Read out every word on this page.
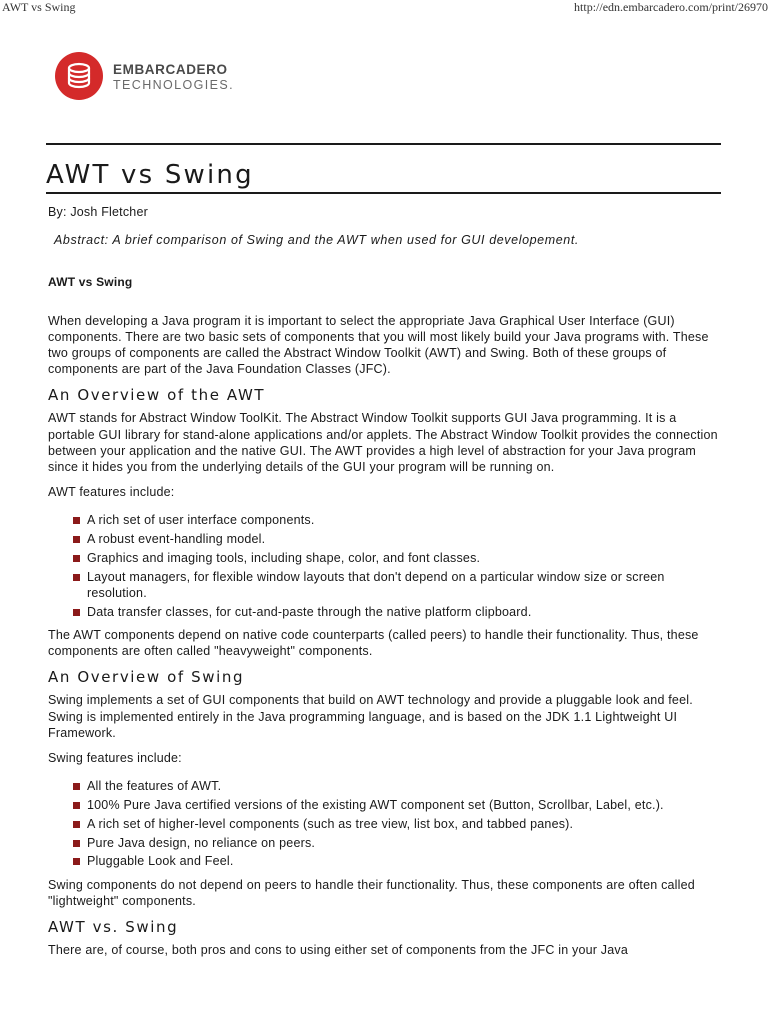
AWT vs Swing	http://edn.embarcadero.com/print/26970
EMBARCADERO
TECHNOLOGIES.
AWT vs Swing

By: Josh Fletcher

Abstract: A brief comparison of Swing and the AWT when used for GUI developement.

AWT vs Swing

When developing a Java program it is important to select the appropriate Java Graphical User Interface (GUI) components. There are two basic sets of components that you will most likely build your Java programs with. These two groups of components are called the Abstract Window Toolkit (AWT) and Swing. Both of these groups of components are part of the Java Foundation Classes (JFC).

An Overview of the AWT

AWT stands for Abstract Window ToolKit. The Abstract Window Toolkit supports GUI Java programming. It is a portable GUI library for stand-alone applications and/or applets. The Abstract Window Toolkit provides the connection between your application and the native GUI. The AWT provides a high level of abstraction for your Java program since it hides you from the underlying details of the GUI your program will be running on.

AWT features include:

A rich set of user interface components.
A robust event-handling model.
Graphics and imaging tools, including shape, color, and font classes.
Layout managers, for flexible window layouts that don't depend on a particular window size or screen resolution.
Data transfer classes, for cut-and-paste through the native platform clipboard.

The AWT components depend on native code counterparts (called peers) to handle their functionality. Thus, these components are often called "heavyweight" components.

An Overview of Swing

Swing implements a set of GUI components that build on AWT technology and provide a pluggable look and feel. Swing is implemented entirely in the Java programming language, and is based on the JDK 1.1 Lightweight UI Framework.

Swing features include:

All the features of AWT.
100% Pure Java certified versions of the existing AWT component set (Button, Scrollbar, Label, etc.).
A rich set of higher-level components (such as tree view, list box, and tabbed panes).
Pure Java design, no reliance on peers.
Pluggable Look and Feel.

Swing components do not depend on peers to handle their functionality. Thus, these components are often called "lightweight" components.

AWT vs. Swing

There are, of course, both pros and cons to using either set of components from the JFC in your Java
